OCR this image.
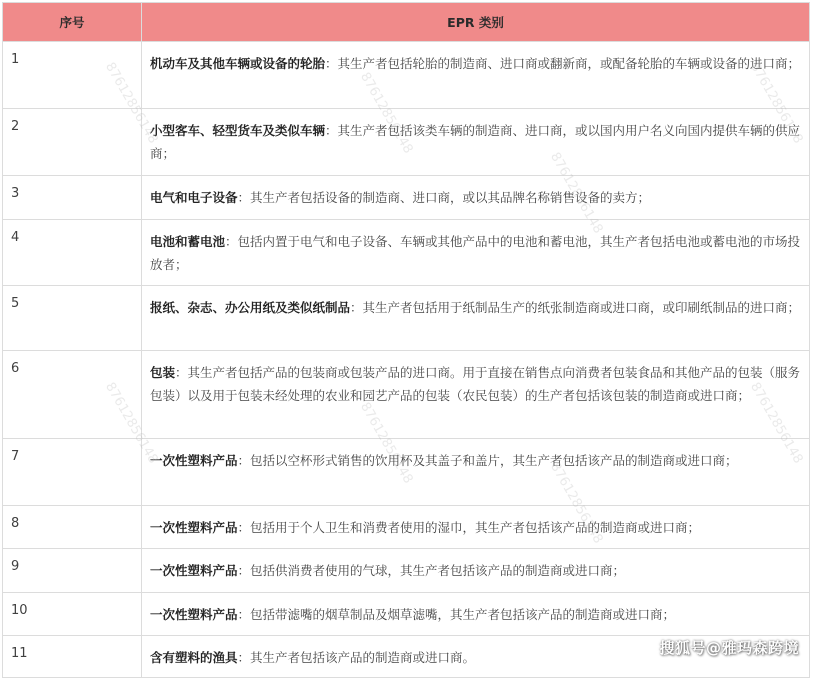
序号	EPR 类别
1	机动车及其他车辆或设备的轮胎：其生产者包括轮胎的制造商、进口商或翻新商，或配备轮胎的车辆或设备的进口商；
2	小型客车、轻型货车及类似车辆：其生产者包括该类车辆的制造商、进口商，或以国内用户名义向国内提供车辆的供应商；
3	电气和电子设备：其生产者包括设备的制造商、进口商，或以其品牌名称销售设备的卖方；
4	电池和蓄电池：包括内置于电气和电子设备、车辆或其他产品中的电池和蓄电池，其生产者包括电池或蓄电池的市场投放者；
5	报纸、杂志、办公用纸及类似纸制品：其生产者包括用于纸制品生产的纸张制造商或进口商，或印刷纸制品的进口商；
6	包装：其生产者包括产品的包装商或包装产品的进口商。用于直接在销售点向消费者包装食品和其他产品的包装（服务包装）以及用于包装未经处理的农业和园艺产品的包装（农民包装）的生产者包括该包装的制造商或进口商；
7	一次性塑料产品：包括以空杯形式销售的饮用杯及其盖子和盖片，其生产者包括该产品的制造商或进口商；
8	一次性塑料产品：包括用于个人卫生和消费者使用的湿巾，其生产者包括该产品的制造商或进口商；
9	一次性塑料产品：包括供消费者使用的气球，其生产者包括该产品的制造商或进口商；
10	一次性塑料产品：包括带滤嘴的烟草制品及烟草滤嘴，其生产者包括该产品的制造商或进口商；
11	含有塑料的渔具：其生产者包括该产品的制造商或进口商。
87612856148
87612856148
87612856148
87612856148
87612856148
87612856148
87612856148
87612856148
搜狐号@雅玛森跨境
